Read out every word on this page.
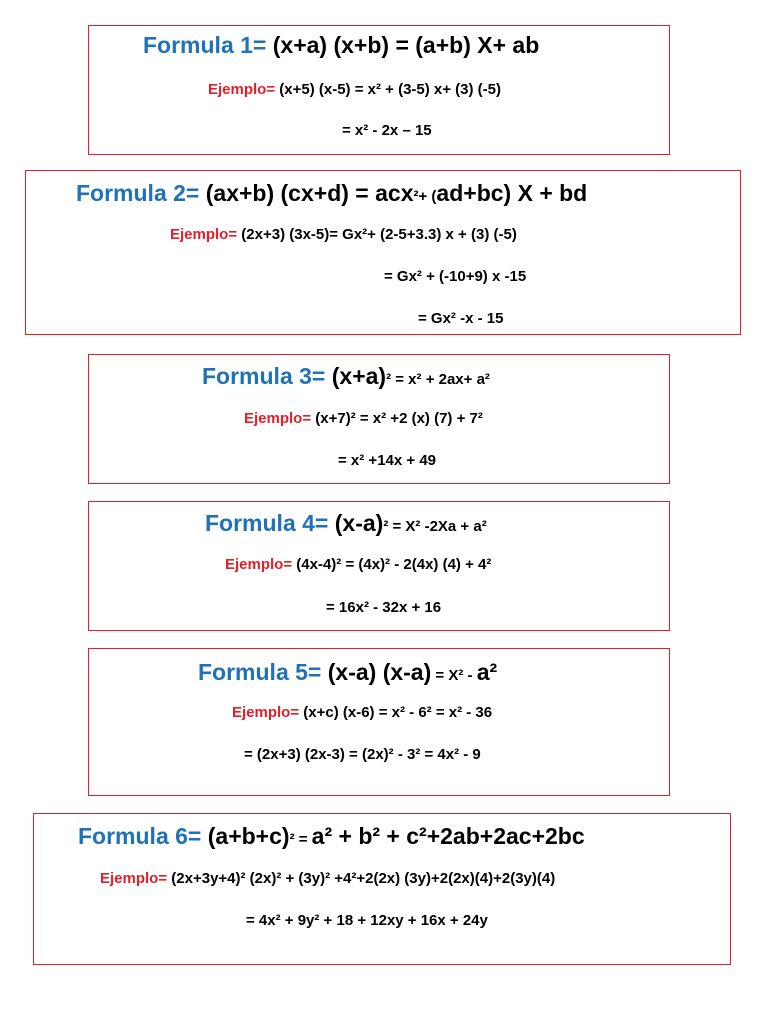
Formula 1= (x+a) (x+b) = (a+b) X+ ab
Ejemplo= (x+5) (x-5) = x² + (3-5) x+ (3) (-5)
= x² - 2x – 15
Formula 2= (ax+b) (cx+d) = acx²+ (ad+bc) X + bd
Ejemplo= (2x+3) (3x-5)= Gx²+ (2-5+3.3) x + (3) (-5)
= Gx² + (-10+9) x -15
= Gx² -x - 15
Formula 3= (x+a)² = x² + 2ax+ a²
Ejemplo= (x+7)² = x² +2 (x) (7) + 7²
= x² +14x + 49
Formula 4= (x-a)² = X² -2Xa + a²
Ejemplo= (4x-4)² = (4x)² - 2(4x) (4) + 4²
= 16x² - 32x + 16
Formula 5= (x-a) (x-a) = X² - a²
Ejemplo= (x+c) (x-6) = x² - 6² = x² - 36
= (2x+3) (2x-3) = (2x)² - 3² = 4x² - 9
Formula 6= (a+b+c)² = a² + b² + c²+2ab+2ac+2bc
Ejemplo= (2x+3y+4)² (2x)² + (3y)² +4²+2(2x) (3y)+2(2x)(4)+2(3y)(4)
= 4x² + 9y² + 18 + 12xy + 16x + 24y
